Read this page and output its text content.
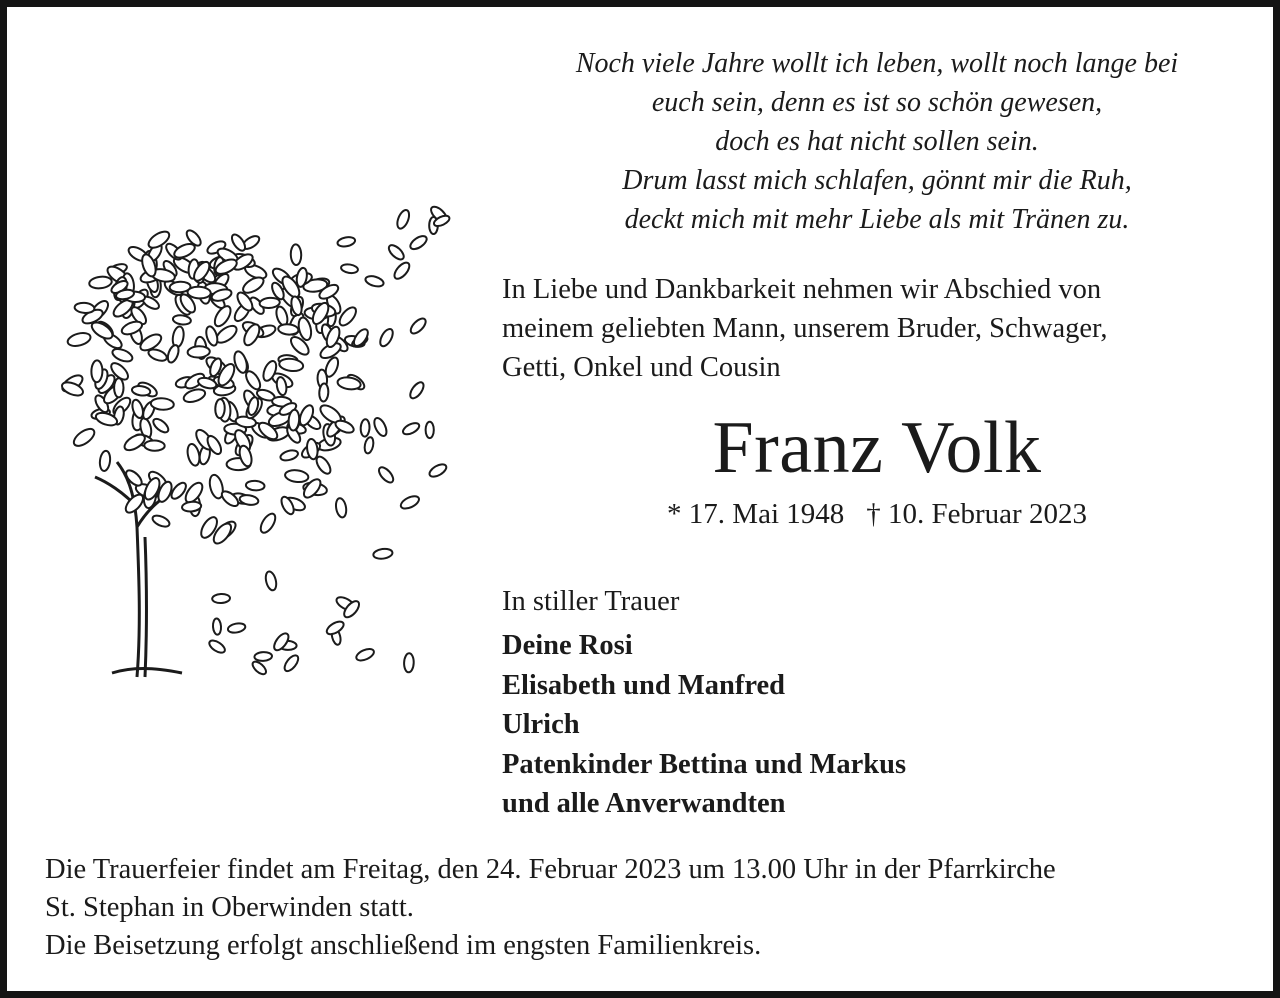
Noch viele Jahre wollt ich leben, wollt noch lange bei
euch sein, denn es ist so schön gewesen,
doch es hat nicht sollen sein.
Drum lasst mich schlafen, gönnt mir die Ruh,
deckt mich mit mehr Liebe als mit Tränen zu.
In Liebe und Dankbarkeit nehmen wir Abschied von
meinem geliebten Mann, unserem Bruder, Schwager,
Getti, Onkel und Cousin
Franz Volk
* 17. Mai 1948 † 10. Februar 2023
In stiller Trauer
Deine Rosi
Elisabeth und Manfred
Ulrich
Patenkinder Bettina und Markus
und alle Anverwandten
Die Trauerfeier findet am Freitag, den 24. Februar 2023 um 13.00 Uhr in der Pfarrkirche
St. Stephan in Oberwinden statt.
Die Beisetzung erfolgt anschließend im engsten Familienkreis.
